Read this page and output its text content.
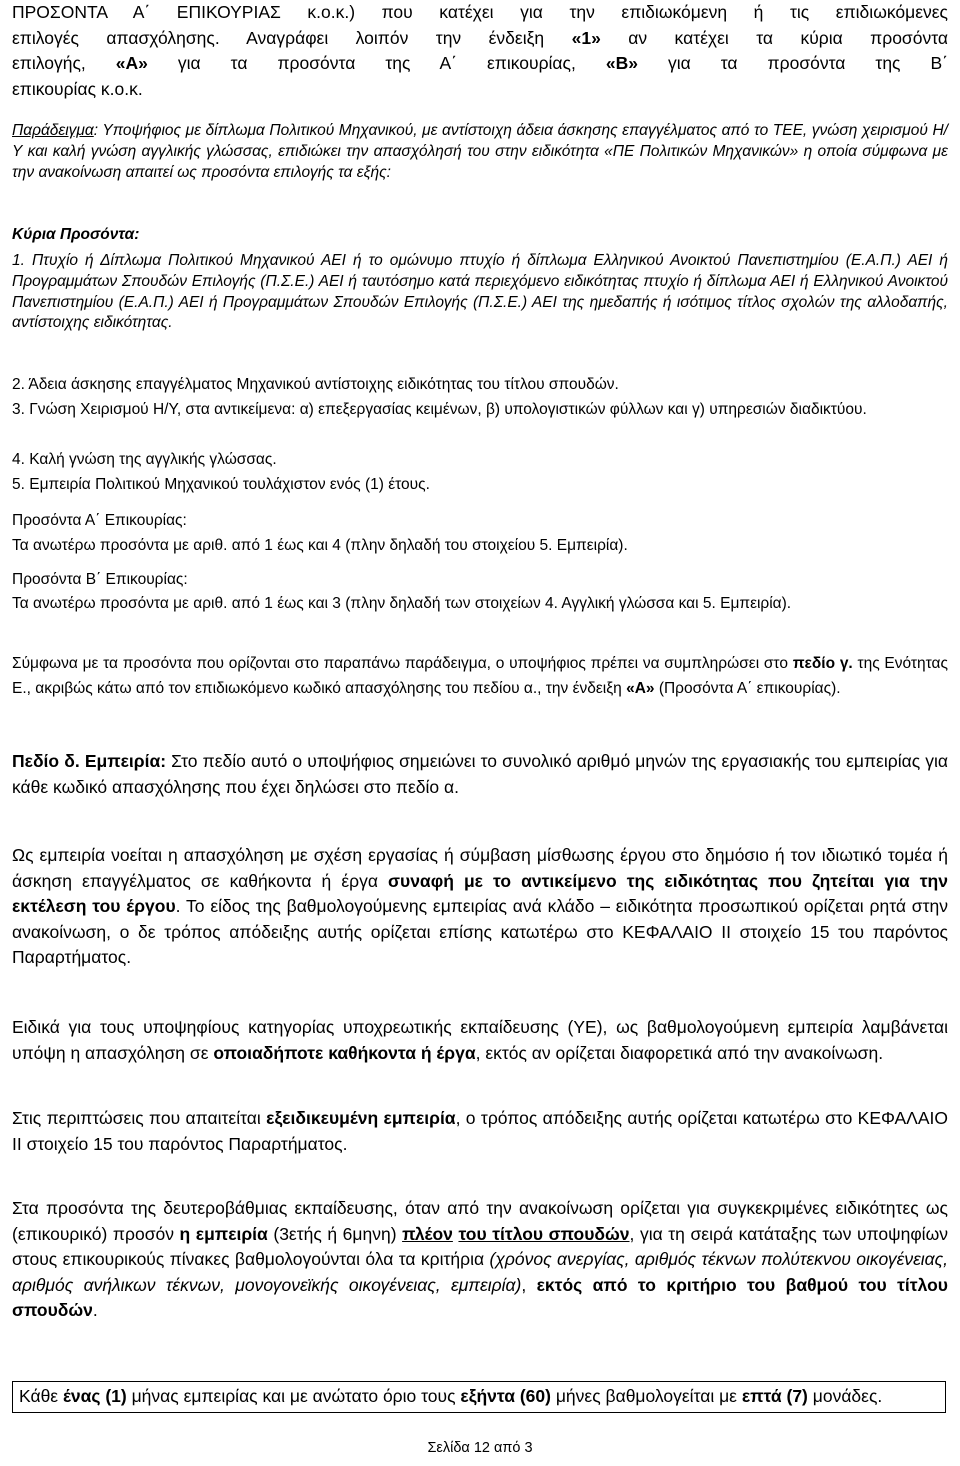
ΠΡΟΣΟΝΤΑ Α΄ ΕΠΙΚΟΥΡΙΑΣ κ.ο.κ.) που κατέχει για την επιδιωκόμενη ή τις επιδιωκόμενες
επιλογές απασχόλησης. Αναγράφει λοιπόν την ένδειξη «1» αν κατέχει τα κύρια προσόντα
επιλογής, «Α» για τα προσόντα της Α΄ επικουρίας, «Β» για τα προσόντα της Β΄
επικουρίας κ.ο.κ.
Παράδειγμα: Υποψήφιος με δίπλωμα Πολιτικού Μηχανικού, με αντίστοιχη άδεια άσκησης επαγγέλματος από το ΤΕΕ, γνώση χειρισμού Η/Υ και καλή γνώση αγγλικής γλώσσας, επιδιώκει την απασχόλησή του στην ειδικότητα «ΠΕ Πολιτικών Μηχανικών» η οποία σύμφωνα με την ανακοίνωση απαιτεί ως προσόντα επιλογής τα εξής:
Κύρια Προσόντα:
1. Πτυχίο ή Δίπλωμα Πολιτικού Μηχανικού ΑΕΙ ή το ομώνυμο πτυχίο ή δίπλωμα Ελληνικού Ανοικτού Πανεπιστημίου (Ε.Α.Π.) ΑΕΙ ή Προγραμμάτων Σπουδών Επιλογής (Π.Σ.Ε.) ΑΕΙ ή ταυτόσημο κατά περιεχόμενο ειδικότητας πτυχίο ή δίπλωμα ΑΕΙ ή Ελληνικού Ανοικτού Πανεπιστημίου (Ε.Α.Π.) ΑΕΙ ή Προγραμμάτων Σπουδών Επιλογής (Π.Σ.Ε.) ΑΕΙ της ημεδαπής ή ισότιμος τίτλος σχολών της αλλοδαπής, αντίστοιχης ειδικότητας.
2. Άδεια άσκησης επαγγέλματος Μηχανικού αντίστοιχης ειδικότητας του τίτλου σπουδών.
3. Γνώση Χειρισμού Η/Υ, στα αντικείμενα: α) επεξεργασίας κειμένων, β) υπολογιστικών φύλλων και γ) υπηρεσιών διαδικτύου.
4. Καλή γνώση της αγγλικής γλώσσας.
5. Εμπειρία Πολιτικού Μηχανικού τουλάχιστον ενός (1) έτους.
Προσόντα Α΄ Επικουρίας:
Τα ανωτέρω προσόντα με αριθ. από 1 έως και 4 (πλην δηλαδή του στοιχείου 5. Εμπειρία).
Προσόντα Β΄ Επικουρίας:
Τα ανωτέρω προσόντα με αριθ. από 1 έως και 3 (πλην δηλαδή των στοιχείων 4. Αγγλική γλώσσα και 5. Εμπειρία).
Σύμφωνα με τα προσόντα που ορίζονται στο παραπάνω παράδειγμα, ο υποψήφιος πρέπει να συμπληρώσει στο πεδίο γ. της Ενότητας Ε., ακριβώς κάτω από τον επιδιωκόμενο κωδικό απασχόλησης του πεδίου α., την ένδειξη «Α» (Προσόντα Α΄ επικουρίας).
Πεδίο δ. Εμπειρία: Στο πεδίο αυτό ο υποψήφιος σημειώνει το συνολικό αριθμό μηνών της εργασιακής του εμπειρίας για κάθε κωδικό απασχόλησης που έχει δηλώσει στο πεδίο α.
Ως εμπειρία νοείται η απασχόληση με σχέση εργασίας ή σύμβαση μίσθωσης έργου στο δημόσιο ή τον ιδιωτικό τομέα ή άσκηση επαγγέλματος σε καθήκοντα ή έργα συναφή με το αντικείμενο της ειδικότητας που ζητείται για την εκτέλεση του έργου. Το είδος της βαθμολογούμενης εμπειρίας ανά κλάδο – ειδικότητα προσωπικού ορίζεται ρητά στην ανακοίνωση, ο δε τρόπος απόδειξης αυτής ορίζεται επίσης κατωτέρω στο ΚΕΦΑΛΑΙΟ ΙΙ στοιχείο 15 του παρόντος Παραρτήματος.
Ειδικά για τους υποψηφίους κατηγορίας υποχρεωτικής εκπαίδευσης (ΥΕ), ως βαθμολογούμενη εμπειρία λαμβάνεται υπόψη η απασχόληση σε οποιαδήποτε καθήκοντα ή έργα, εκτός αν ορίζεται διαφορετικά από την ανακοίνωση.
Στις περιπτώσεις που απαιτείται εξειδικευμένη εμπειρία, ο τρόπος απόδειξης αυτής ορίζεται κατωτέρω στο ΚΕΦΑΛΑΙΟ ΙΙ στοιχείο 15 του παρόντος Παραρτήματος.
Στα προσόντα της δευτεροβάθμιας εκπαίδευσης, όταν από την ανακοίνωση ορίζεται για συγκεκριμένες ειδικότητες ως (επικουρικό) προσόν η εμπειρία (3ετής ή 6μηνη) πλέον του τίτλου σπουδών, για τη σειρά κατάταξης των υποψηφίων στους επικουρικούς πίνακες βαθμολογούνται όλα τα κριτήρια (χρόνος ανεργίας, αριθμός τέκνων πολύτεκνου οικογένειας, αριθμός ανήλικων τέκνων, μονογονεϊκής οικογένειας, εμπειρία), εκτός από το κριτήριο του βαθμού του τίτλου σπουδών.
Κάθε ένας (1) μήνας εμπειρίας και με ανώτατο όριο τους εξήντα (60) μήνες βαθμολογείται με επτά (7) μονάδες.
Σελίδα 12 από 3
